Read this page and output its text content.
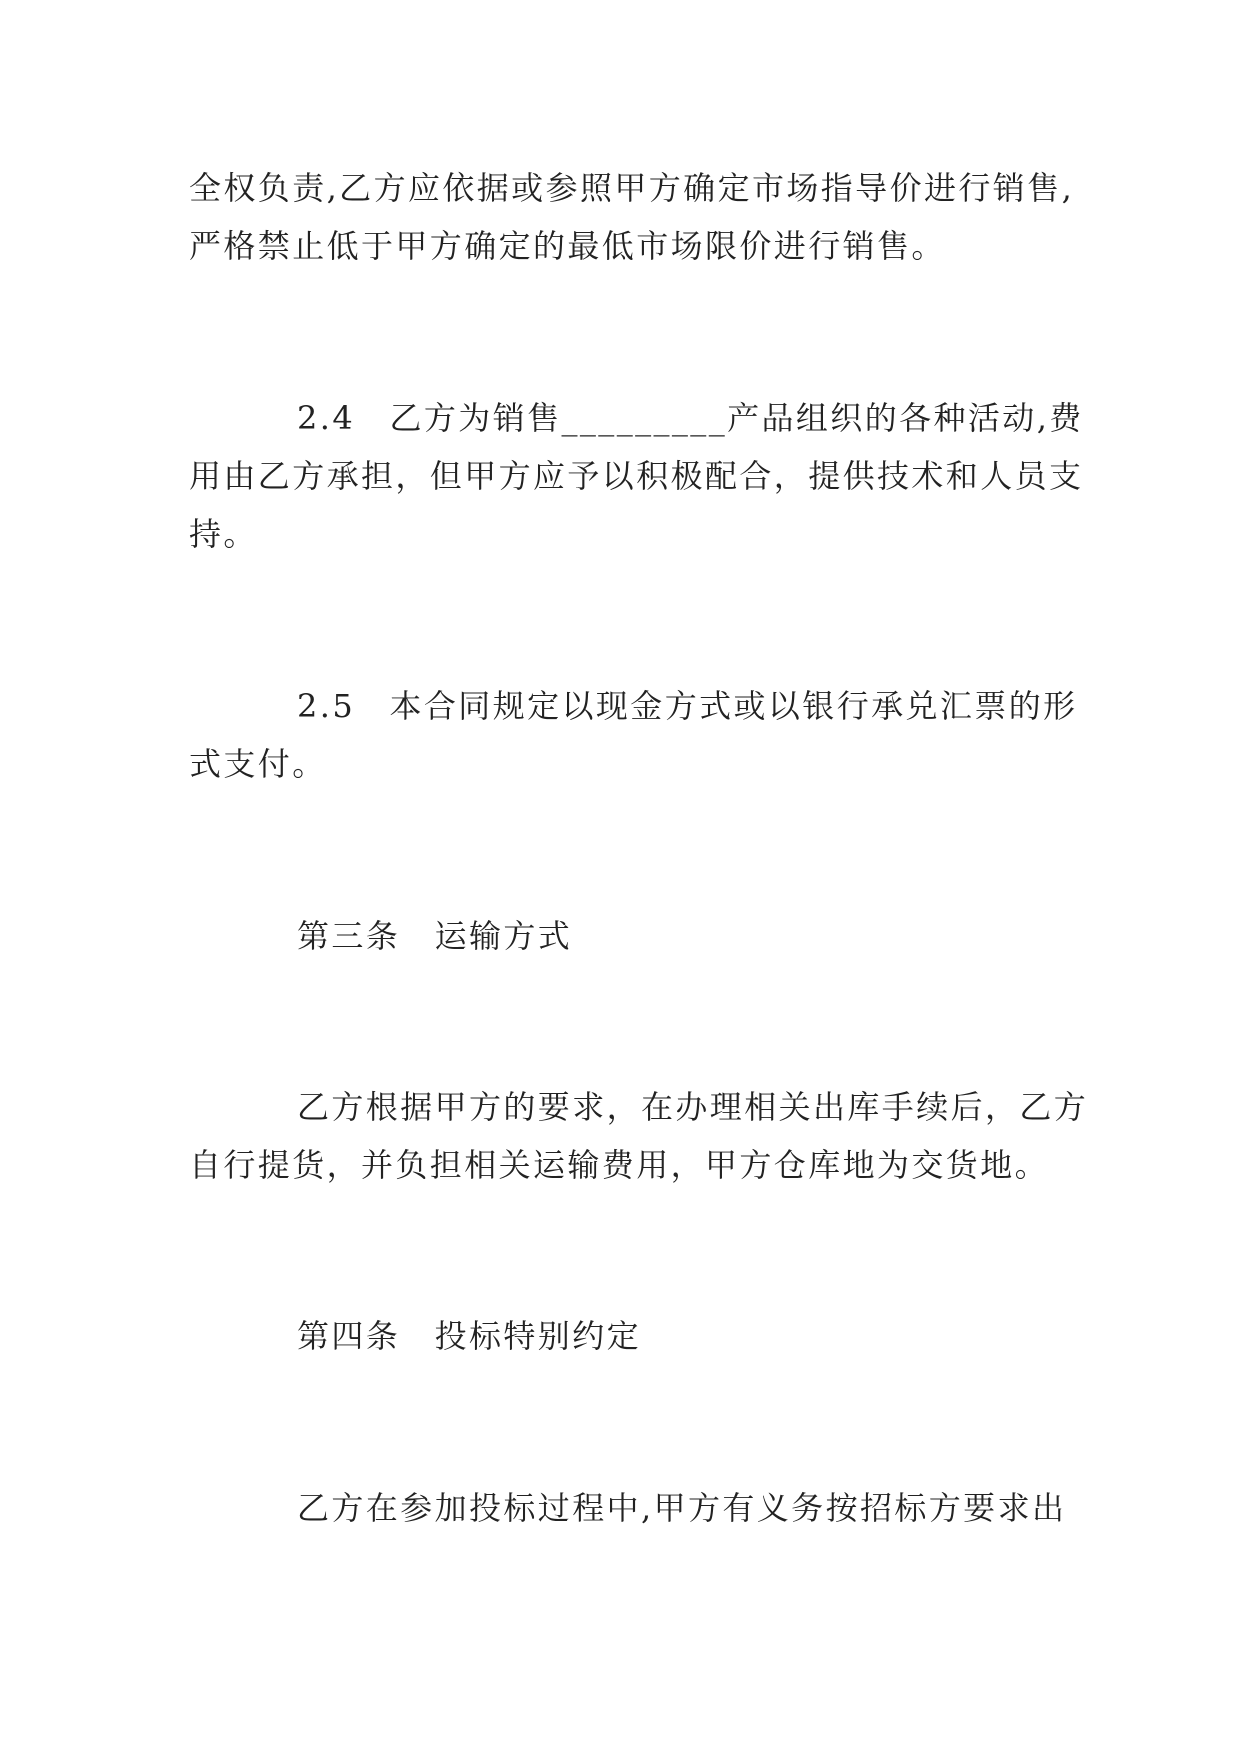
全权负责,乙方应依据或参照甲方确定市场指导价进行销售,
严格禁止低于甲方确定的最低市场限价进行销售。
2.4　乙方为销售_________产品组织的各种活动,费
用由乙方承担，但甲方应予以积极配合，提供技术和人员支
持。
2.5　本合同规定以现金方式或以银行承兑汇票的形
式支付。
第三条　运输方式
乙方根据甲方的要求，在办理相关出库手续后，乙方
自行提货，并负担相关运输费用，甲方仓库地为交货地。
第四条　投标特别约定
乙方在参加投标过程中,甲方有义务按招标方要求出
